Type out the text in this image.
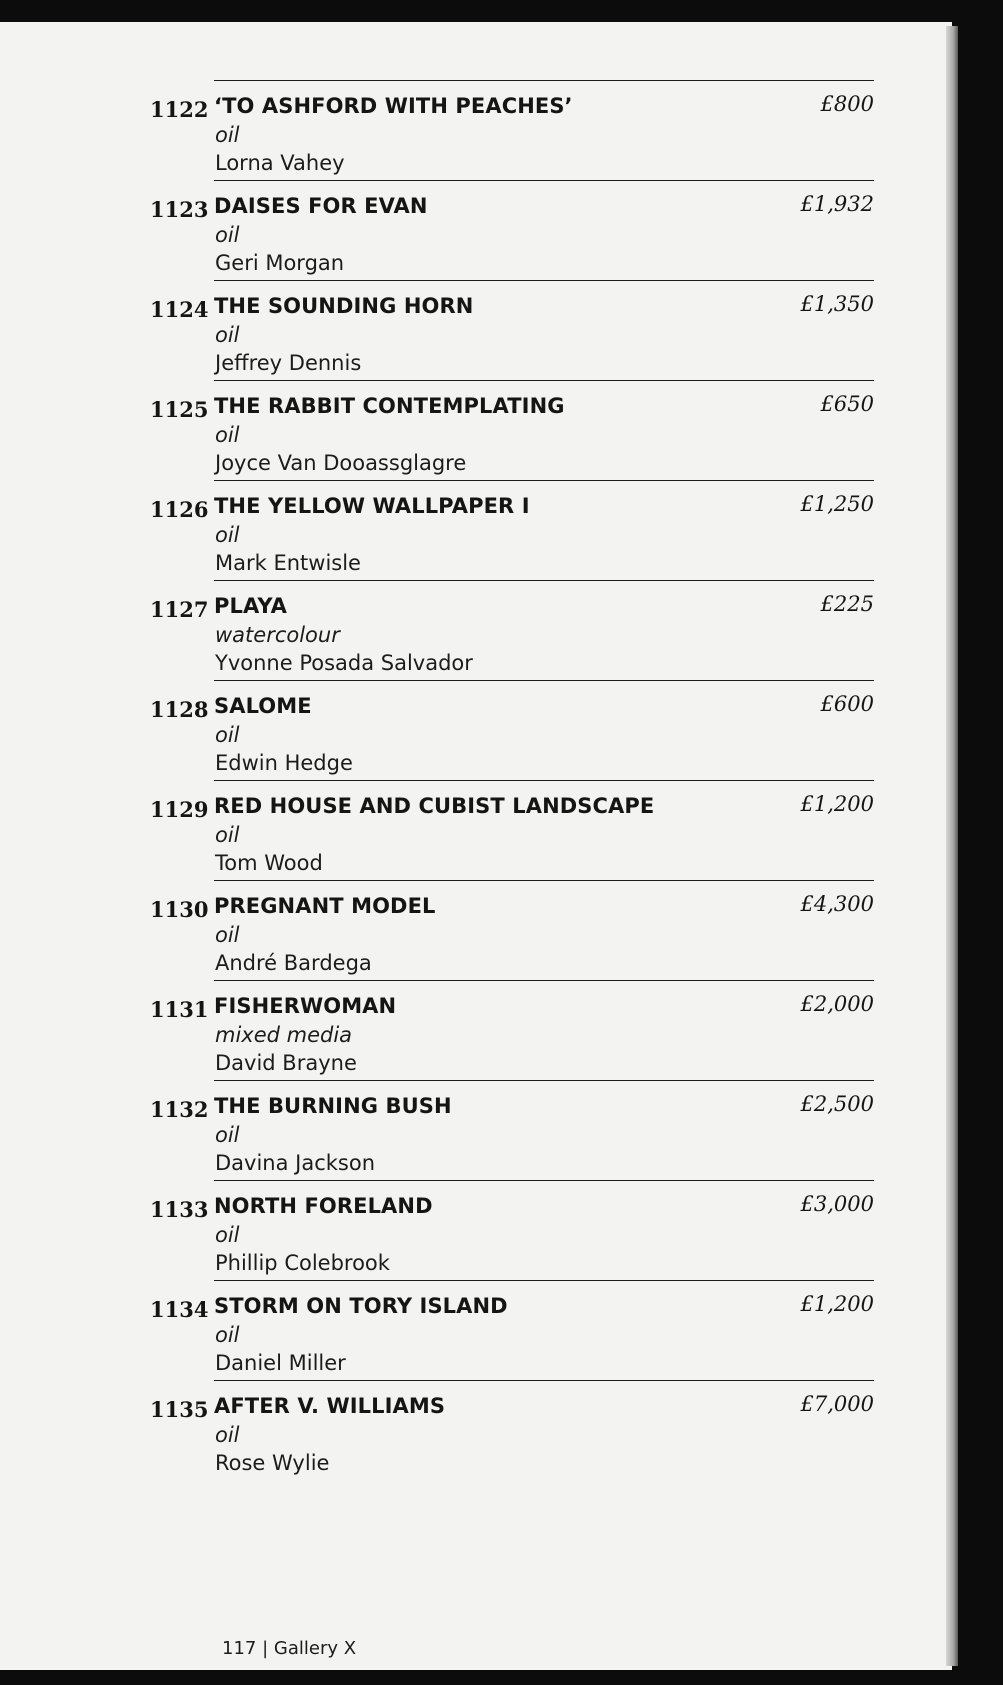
1122 ‘TO ASHFORD WITH PEACHES’
oil
Lorna Vahey
£800
1123 DAISES FOR EVAN
oil
Geri Morgan
£1,932
1124 THE SOUNDING HORN
oil
Jeffrey Dennis
£1,350
1125 THE RABBIT CONTEMPLATING
oil
Joyce Van Dooassglagre
£650
1126 THE YELLOW WALLPAPER I
oil
Mark Entwisle
£1,250
1127 PLAYA
watercolour
Yvonne Posada Salvador
£225
1128 SALOME
oil
Edwin Hedge
£600
1129 RED HOUSE AND CUBIST LANDSCAPE
oil
Tom Wood
£1,200
1130 PREGNANT MODEL
oil
André Bardega
£4,300
1131 FISHERWOMAN
mixed media
David Brayne
£2,000
1132 THE BURNING BUSH
oil
Davina Jackson
£2,500
1133 NORTH FORELAND
oil
Phillip Colebrook
£3,000
1134 STORM ON TORY ISLAND
oil
Daniel Miller
£1,200
1135 AFTER V. WILLIAMS
oil
Rose Wylie
£7,000
117 | Gallery X
